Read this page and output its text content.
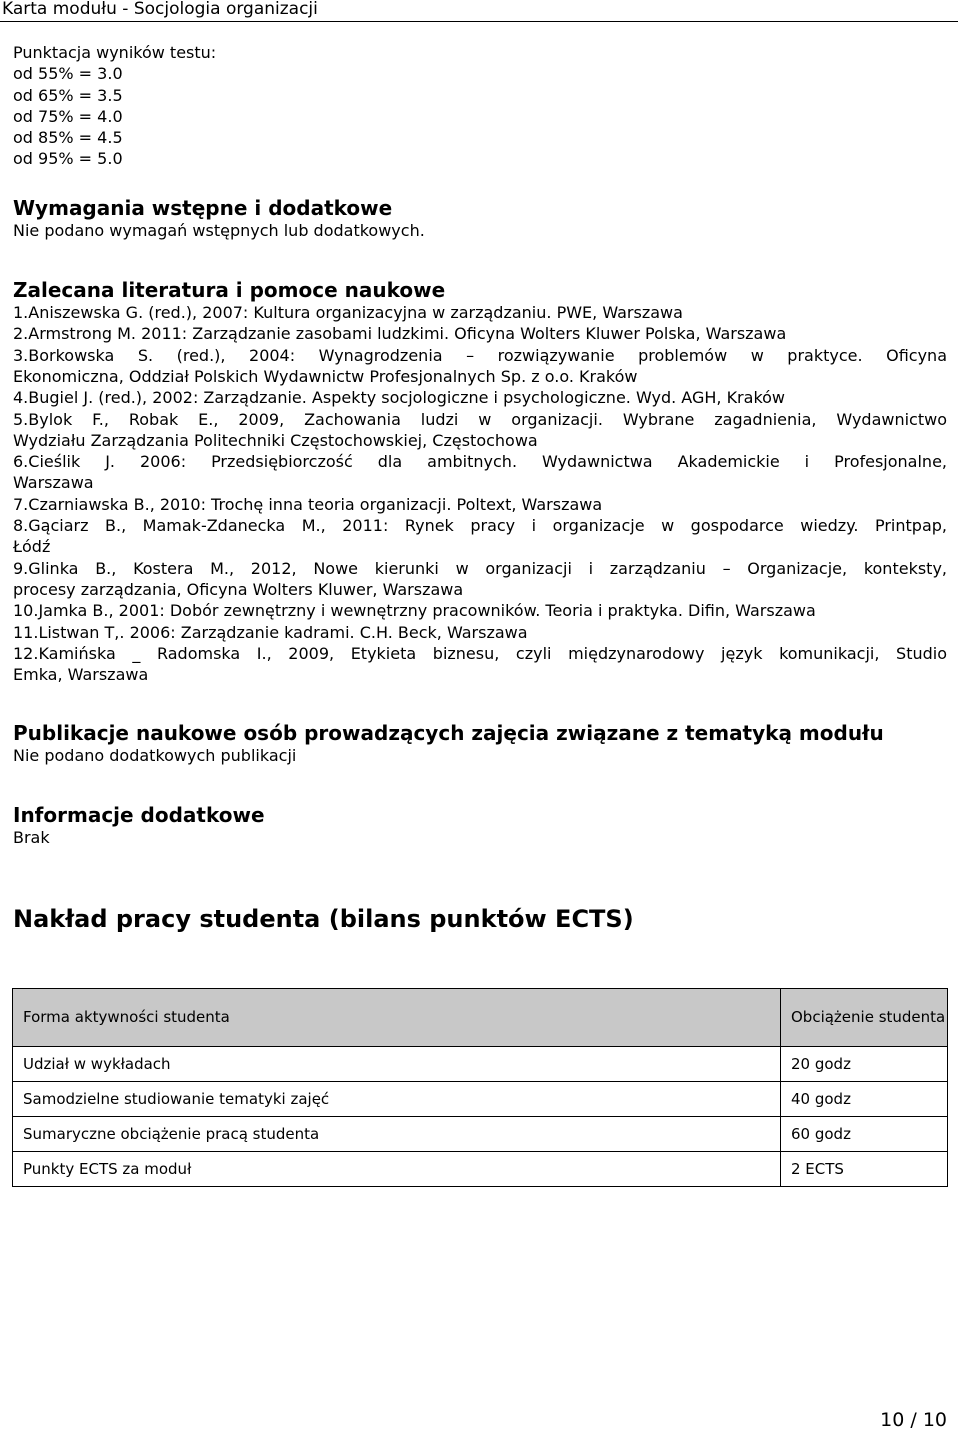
Karta modułu - Socjologia organizacji
Punktacja wyników testu:
od 55% = 3.0
od 65% = 3.5
od 75% = 4.0
od 85% = 4.5
od 95% = 5.0
Wymagania wstępne i dodatkowe
Nie podano wymagań wstępnych lub dodatkowych.
Zalecana literatura i pomoce naukowe
1.Aniszewska G. (red.), 2007: Kultura organizacyjna w zarządzaniu. PWE, Warszawa
2.Armstrong M. 2011: Zarządzanie zasobami ludzkimi. Oficyna Wolters Kluwer Polska, Warszawa
3.Borkowska S. (red.), 2004: Wynagrodzenia – rozwiązywanie problemów w praktyce. Oficyna
Ekonomiczna, Oddział Polskich Wydawnictw Profesjonalnych Sp. z o.o. Kraków
4.Bugiel J. (red.), 2002: Zarządzanie. Aspekty socjologiczne i psychologiczne. Wyd. AGH, Kraków
5.Bylok F., Robak E., 2009, Zachowania ludzi w organizacji. Wybrane zagadnienia, Wydawnictwo
Wydziału Zarządzania Politechniki Częstochowskiej, Częstochowa
6.Cieślik J. 2006: Przedsiębiorczość dla ambitnych. Wydawnictwa Akademickie i Profesjonalne,
Warszawa
7.Czarniawska B., 2010: Trochę inna teoria organizacji. Poltext, Warszawa
8.Gąciarz B., Mamak-Zdanecka M., 2011: Rynek pracy i organizacje w gospodarce wiedzy. Printpap,
Łódź
9.Glinka B., Kostera M., 2012, Nowe kierunki w organizacji i zarządzaniu – Organizacje, konteksty,
procesy zarządzania, Oficyna Wolters Kluwer, Warszawa
10.Jamka B., 2001: Dobór zewnętrzny i wewnętrzny pracowników. Teoria i praktyka. Difin, Warszawa
11.Listwan T,. 2006: Zarządzanie kadrami. C.H. Beck, Warszawa
12.Kamińska _ Radomska I., 2009, Etykieta biznesu, czyli międzynarodowy język komunikacji, Studio
Emka, Warszawa
Publikacje naukowe osób prowadzących zajęcia związane z tematyką modułu
Nie podano dodatkowych publikacji
Informacje dodatkowe
Brak
Nakład pracy studenta (bilans punktów ECTS)
Forma aktywności studenta	Obciążenie studenta
Udział w wykładach	20 godz
Samodzielne studiowanie tematyki zajęć	40 godz
Sumaryczne obciążenie pracą studenta	60 godz
Punkty ECTS za moduł	2 ECTS
10 / 10
